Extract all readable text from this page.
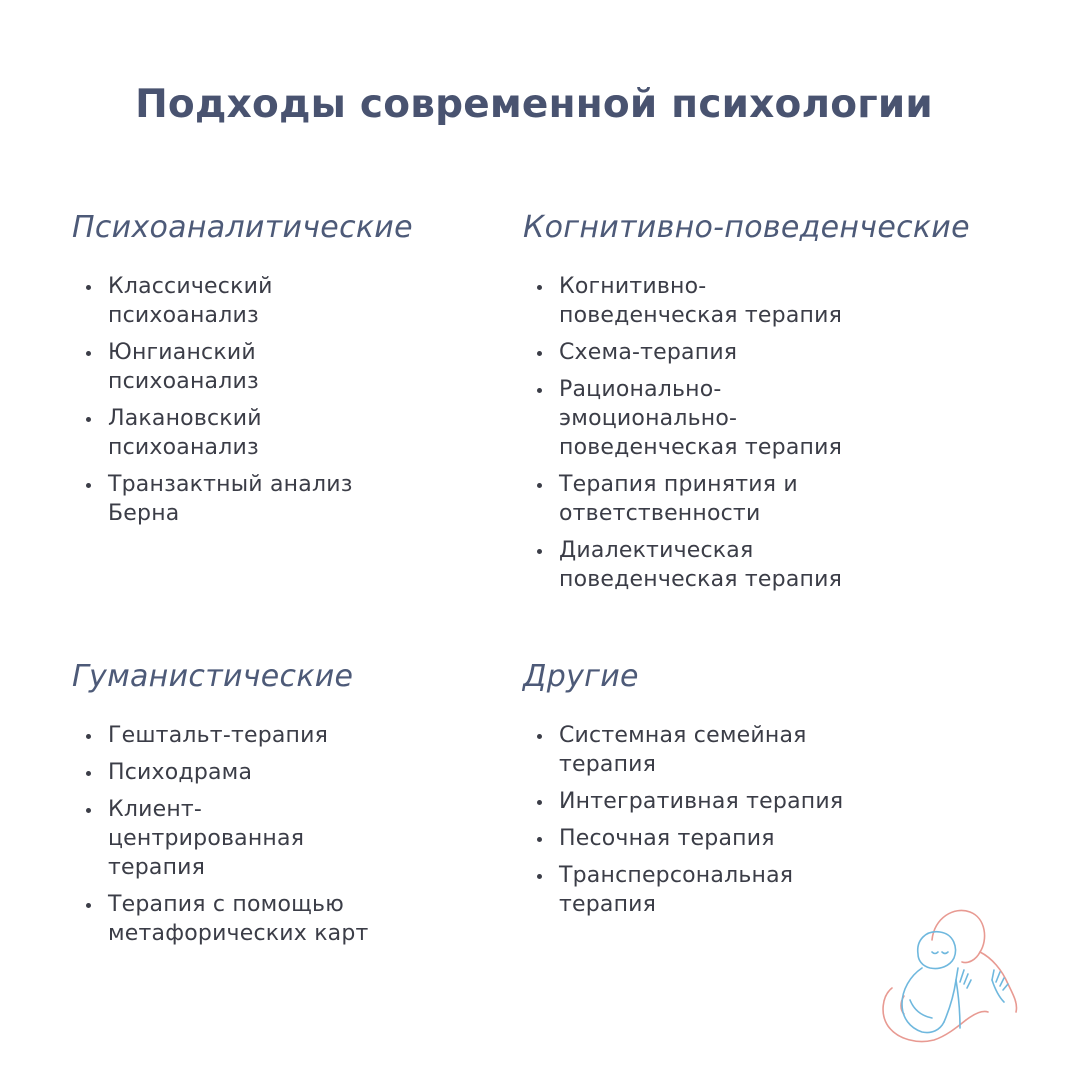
Подходы современной психологии
Психоаналитические
Классический психоанализ
Юнгианский психоанализ
Лакановский психоанализ
Транзактный анализ Берна
Когнитивно-поведенческие
Когнитивно-поведенческая терапия
Схема-терапия
Рационально-эмоционально-поведенческая терапия
Терапия принятия и ответственности
Диалектическая поведенческая терапия
Гуманистические
Гештальт-терапия
Психодрама
Клиент-центрированная терапия
Терапия с помощью метафорических карт
Другие
Системная семейная терапия
Интегративная терапия
Песочная терапия
Трансперсональная терапия
